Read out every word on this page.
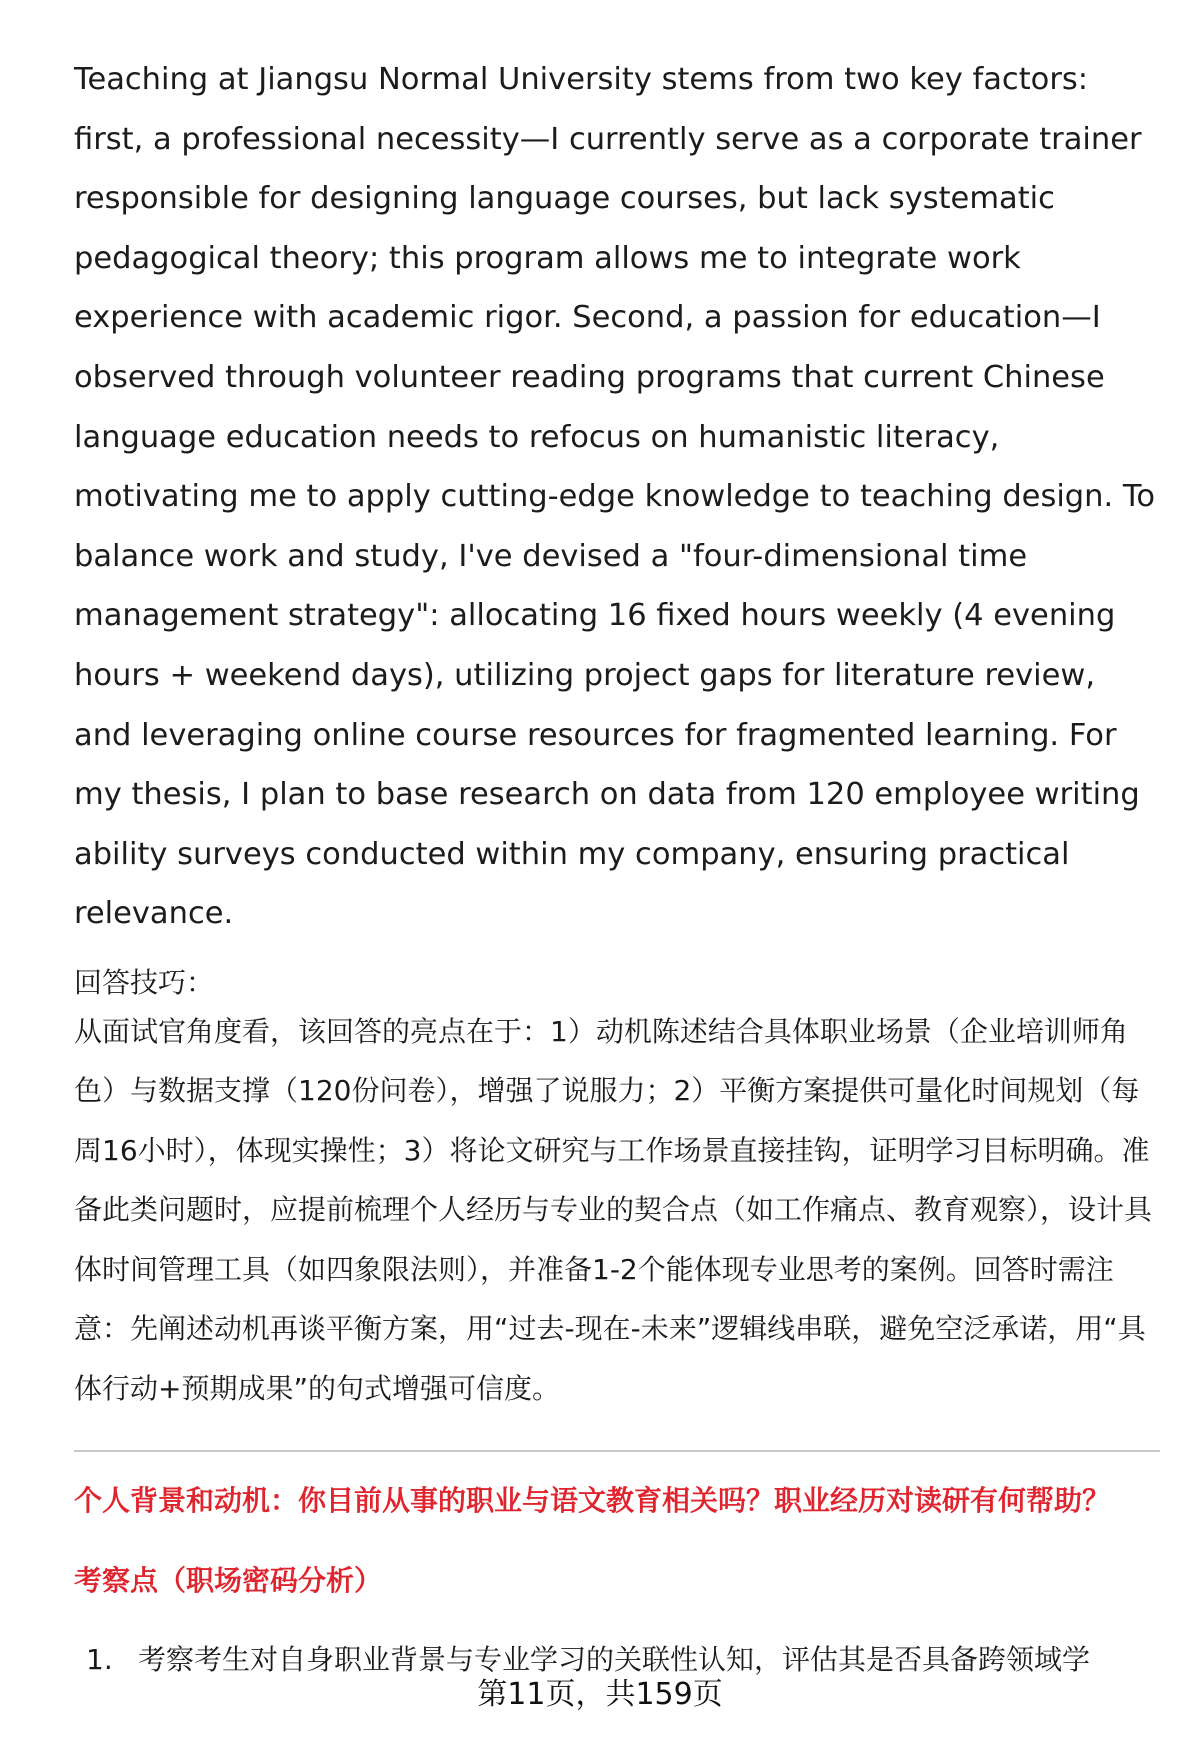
Teaching at Jiangsu Normal University stems from two key factors: first, a professional necessity—I currently serve as a corporate trainer responsible for designing language courses, but lack systematic pedagogical theory; this program allows me to integrate work experience with academic rigor. Second, a passion for education—I observed through volunteer reading programs that current Chinese language education needs to refocus on humanistic literacy, motivating me to apply cutting-edge knowledge to teaching design. To balance work and study, I've devised a "four-dimensional time management strategy": allocating 16 fixed hours weekly (4 evening hours + weekend days), utilizing project gaps for literature review, and leveraging online course resources for fragmented learning. For my thesis, I plan to base research on data from 120 employee writing ability surveys conducted within my company, ensuring practical relevance.

回答技巧：

从面试官角度看，该回答的亮点在于：1）动机陈述结合具体职业场景（企业培训师角色）与数据支撑（120份问卷），增强了说服力；2）平衡方案提供可量化时间规划（每周16小时），体现实操性；3）将论文研究与工作场景直接挂钩，证明学习目标明确。准备此类问题时，应提前梳理个人经历与专业的契合点（如工作痛点、教育观察），设计具体时间管理工具（如四象限法则），并准备1-2个能体现专业思考的案例。回答时需注意：先阐述动机再谈平衡方案，用“过去-现在-未来”逻辑线串联，避免空泛承诺，用“具体行动+预期成果”的句式增强可信度。

个人背景和动机：你目前从事的职业与语文教育相关吗？职业经历对读研有何帮助？

考察点（职场密码分析）

1. 考察考生对自身职业背景与专业学习的关联性认知，评估其是否具备跨领域学
第11页，共159页
